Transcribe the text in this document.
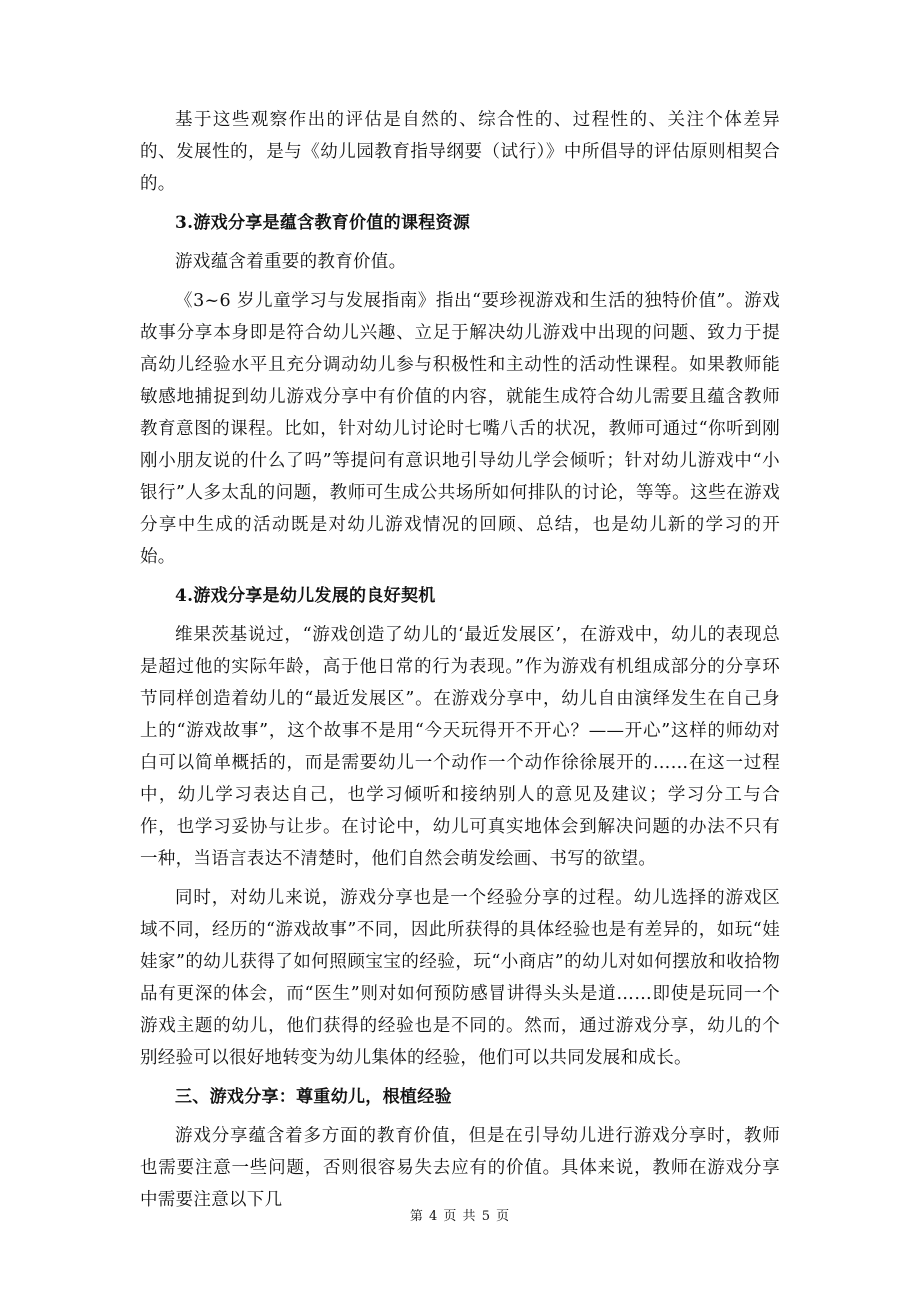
基于这些观察作出的评估是自然的、综合性的、过程性的、关注个体差异的、发展性的，是与《幼儿园教育指导纲要（试行）》中所倡导的评估原则相契合的。

3.游戏分享是蕴含教育价值的课程资源

游戏蕴含着重要的教育价值。

《3~6 岁儿童学习与发展指南》指出“要珍视游戏和生活的独特价值”。游戏故事分享本身即是符合幼儿兴趣、立足于解决幼儿游戏中出现的问题、致力于提高幼儿经验水平且充分调动幼儿参与积极性和主动性的活动性课程。如果教师能敏感地捕捉到幼儿游戏分享中有价值的内容，就能生成符合幼儿需要且蕴含教师教育意图的课程。比如，针对幼儿讨论时七嘴八舌的状况，教师可通过“你听到刚刚小朋友说的什么了吗”等提问有意识地引导幼儿学会倾听；针对幼儿游戏中“小银行”人多太乱的问题，教师可生成公共场所如何排队的讨论，等等。这些在游戏分享中生成的活动既是对幼儿游戏情况的回顾、总结，也是幼儿新的学习的开始。

4.游戏分享是幼儿发展的良好契机

维果茨基说过，“游戏创造了幼儿的‘最近发展区’，在游戏中，幼儿的表现总是超过他的实际年龄，高于他日常的行为表现。”作为游戏有机组成部分的分享环节同样创造着幼儿的“最近发展区”。在游戏分享中，幼儿自由演绎发生在自己身上的“游戏故事”，这个故事不是用“今天玩得开不开心？——开心”这样的师幼对白可以简单概括的，而是需要幼儿一个动作一个动作徐徐展开的……在这一过程中，幼儿学习表达自己，也学习倾听和接纳别人的意见及建议；学习分工与合作，也学习妥协与让步。在讨论中，幼儿可真实地体会到解决问题的办法不只有一种，当语言表达不清楚时，他们自然会萌发绘画、书写的欲望。

同时，对幼儿来说，游戏分享也是一个经验分享的过程。幼儿选择的游戏区域不同，经历的“游戏故事”不同，因此所获得的具体经验也是有差异的，如玩“娃娃家”的幼儿获得了如何照顾宝宝的经验，玩“小商店”的幼儿对如何摆放和收拾物品有更深的体会，而“医生”则对如何预防感冒讲得头头是道……即使是玩同一个游戏主题的幼儿，他们获得的经验也是不同的。然而，通过游戏分享，幼儿的个别经验可以很好地转变为幼儿集体的经验，他们可以共同发展和成长。

三、游戏分享：尊重幼儿，根植经验

游戏分享蕴含着多方面的教育价值，但是在引导幼儿进行游戏分享时，教师也需要注意一些问题，否则很容易失去应有的价值。具体来说，教师在游戏分享中需要注意以下几

第 4 页 共 5 页
